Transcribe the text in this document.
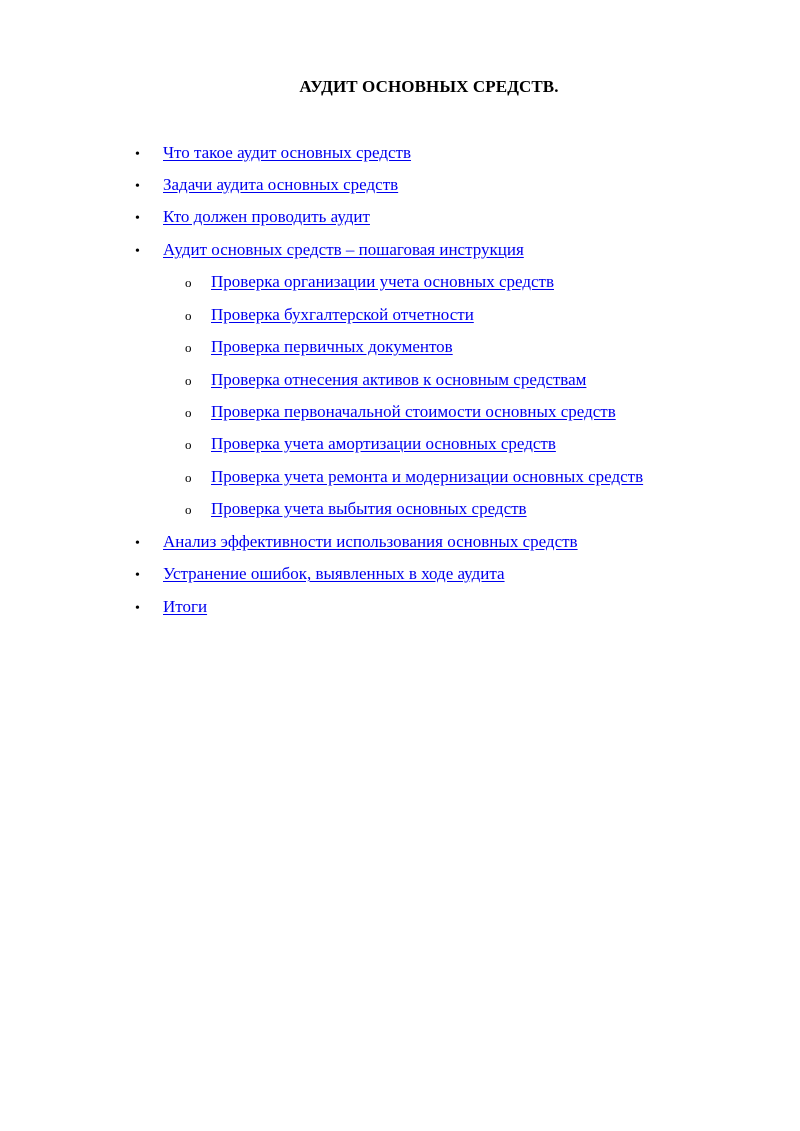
АУДИТ ОСНОВНЫХ СРЕДСТВ.
• Что такое аудит основных средств
• Задачи аудита основных средств
• Кто должен проводить аудит
• Аудит основных средств – пошаговая инструкция
o Проверка организации учета основных средств
o Проверка бухгалтерской отчетности
o Проверка первичных документов
o Проверка отнесения активов к основным средствам
o Проверка первоначальной стоимости основных средств
o Проверка учета амортизации основных средств
o Проверка учета ремонта и модернизации основных средств
o Проверка учета выбытия основных средств
• Анализ эффективности использования основных средств
• Устранение ошибок, выявленных в ходе аудита
• Итоги
